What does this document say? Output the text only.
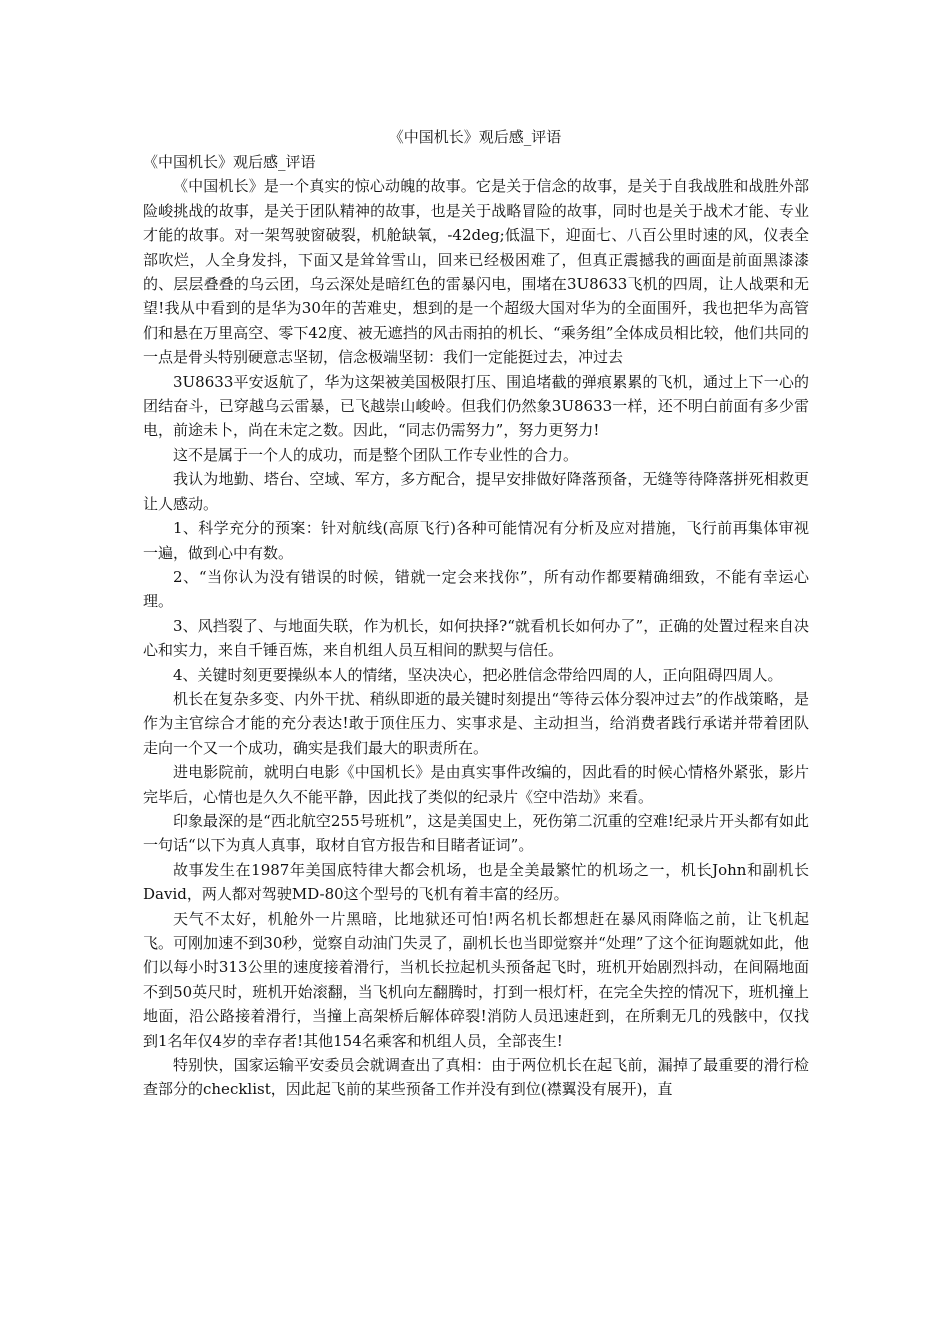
《中国机长》观后感_评语

《中国机长》观后感_评语

《中国机长》是一个真实的惊心动魄的故事。它是关于信念的故事，是关于自我战胜和战胜外部险峻挑战的故事，是关于团队精神的故事，也是关于战略冒险的故事，同时也是关于战术才能、专业才能的故事。对一架驾驶窗破裂，机舱缺氧，-42deg;低温下，迎面七、八百公里时速的风，仪表全部吹烂，人全身发抖，下面又是耸耸雪山，回来已经极困难了，但真正震撼我的画面是前面黑漆漆的、层层叠叠的乌云团，乌云深处是暗红色的雷暴闪电，围堵在3U8633飞机的四周，让人战栗和无望!我从中看到的是华为30年的苦难史，想到的是一个超级大国对华为的全面围歼，我也把华为高管们和悬在万里高空、零下42度、被无遮挡的风击雨拍的机长、“乘务组”全体成员相比较，他们共同的一点是骨头特别硬意志坚韧，信念极端坚韧：我们一定能挺过去，冲过去

3U8633平安返航了，华为这架被美国极限打压、围追堵截的弹痕累累的飞机，通过上下一心的团结奋斗，已穿越乌云雷暴，已飞越崇山峻岭。但我们仍然象3U8633一样，还不明白前面有多少雷电，前途未卜，尚在未定之数。因此，“同志仍需努力”，努力更努力!

这不是属于一个人的成功，而是整个团队工作专业性的合力。

我认为地勤、塔台、空域、军方，多方配合，提早安排做好降落预备，无缝等待降落拼死相救更让人感动。

1、科学充分的预案：针对航线(高原飞行)各种可能情况有分析及应对措施，飞行前再集体审视一遍，做到心中有数。

2、“当你认为没有错误的时候，错就一定会来找你”，所有动作都要精确细致，不能有幸运心理。

3、风挡裂了、与地面失联，作为机长，如何抉择?“就看机长如何办了”，正确的处置过程来自决心和实力，来自千锤百炼，来自机组人员互相间的默契与信任。

4、关键时刻更要操纵本人的情绪，坚决决心，把必胜信念带给四周的人，正向阻碍四周人。

机长在复杂多变、内外干扰、稍纵即逝的最关键时刻提出“等待云体分裂冲过去”的作战策略，是作为主官综合才能的充分表达!敢于顶住压力、实事求是、主动担当，给消费者践行承诺并带着团队走向一个又一个成功，确实是我们最大的职责所在。

进电影院前，就明白电影《中国机长》是由真实事件改编的，因此看的时候心情格外紧张，影片完毕后，心情也是久久不能平静，因此找了类似的纪录片《空中浩劫》来看。

印象最深的是“西北航空255号班机”，这是美国史上，死伤第二沉重的空难!纪录片开头都有如此一句话“以下为真人真事，取材自官方报告和目睹者证词”。

故事发生在1987年美国底特律大都会机场，也是全美最繁忙的机场之一，机长John和副机长David，两人都对驾驶MD-80这个型号的飞机有着丰富的经历。

天气不太好，机舱外一片黑暗，比地狱还可怕!两名机长都想赶在暴风雨降临之前，让飞机起飞。可刚加速不到30秒，觉察自动油门失灵了，副机长也当即觉察并“处理”了这个征询题就如此，他们以每小时313公里的速度接着滑行，当机长拉起机头预备起飞时，班机开始剧烈抖动，在间隔地面不到50英尺时，班机开始滚翻，当飞机向左翻腾时，打到一根灯杆，在完全失控的情况下，班机撞上地面，沿公路接着滑行，当撞上高架桥后解体碎裂!消防人员迅速赶到，在所剩无几的残骸中，仅找到1名年仅4岁的幸存者!其他154名乘客和机组人员，全部丧生!

特别快，国家运输平安委员会就调查出了真相：由于两位机长在起飞前，漏掉了最重要的滑行检查部分的checklist，因此起飞前的某些预备工作并没有到位(襟翼没有展开)，直
